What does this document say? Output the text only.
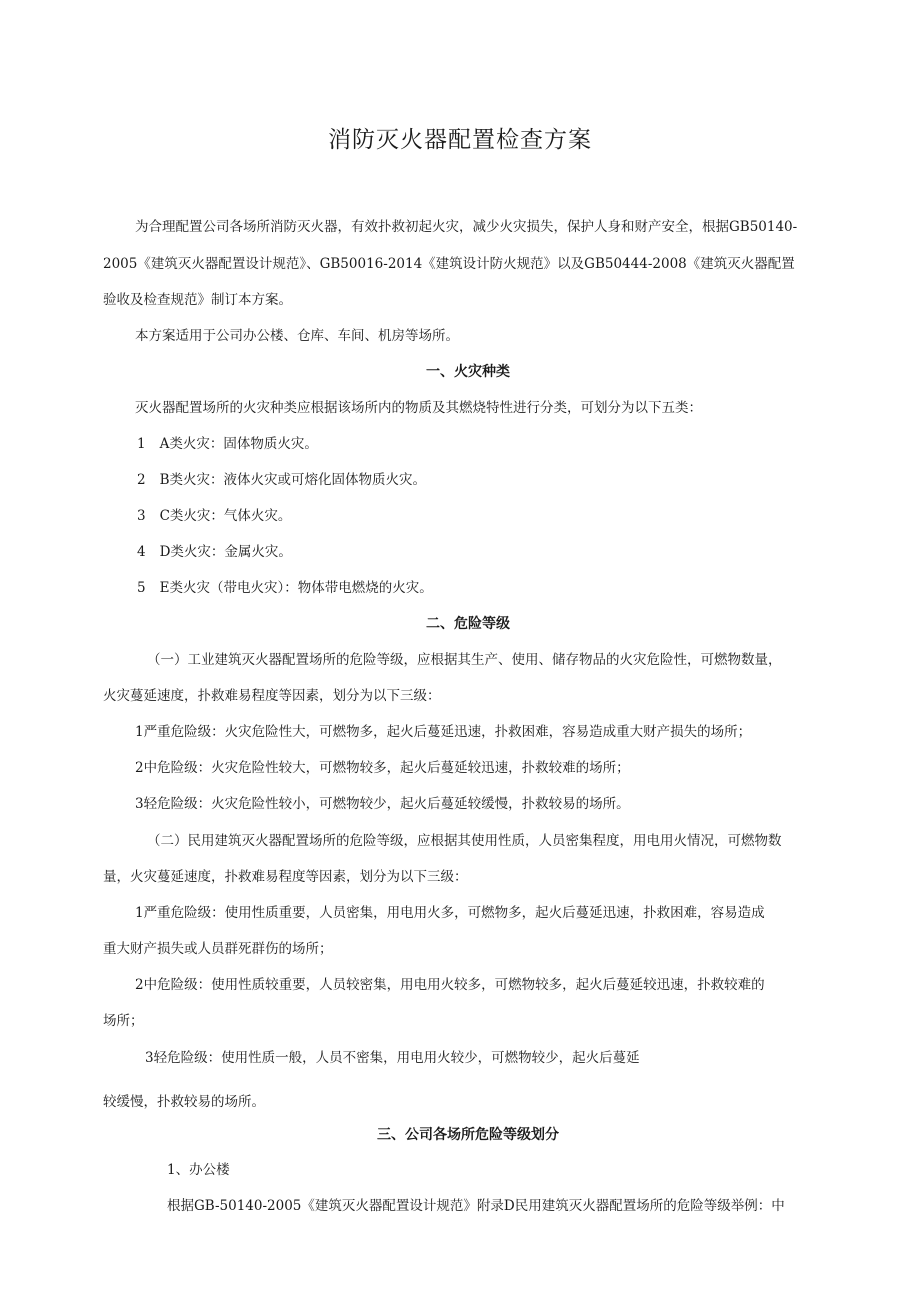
消防灭火器配置检查方案
为合理配置公司各场所消防灭火器，有效扑救初起火灾，减少火灾损失，保护人身和财产安全，根据GB50140-
2005《建筑灭火器配置设计规范》、GB50016-2014《建筑设计防火规范》以及GB50444-2008《建筑灭火器配置
验收及检查规范》制订本方案。
本方案适用于公司办公楼、仓库、车间、机房等场所。
一、火灾种类
灭火器配置场所的火灾种类应根据该场所内的物质及其燃烧特性进行分类，可划分为以下五类：
1 A类火灾：固体物质火灾。
2 B类火灾：液体火灾或可熔化固体物质火灾。
3 C类火灾：气体火灾。
4 D类火灾：金属火灾。
5 E类火灾（带电火灾）：物体带电燃烧的火灾。
二、危险等级
（一）工业建筑灭火器配置场所的危险等级，应根据其生产、使用、储存物品的火灾危险性，可燃物数量，
火灾蔓延速度，扑救难易程度等因素，划分为以下三级：
1严重危险级：火灾危险性大，可燃物多，起火后蔓延迅速，扑救困难，容易造成重大财产损失的场所；
2中危险级：火灾危险性较大，可燃物较多，起火后蔓延较迅速，扑救较难的场所；
3轻危险级：火灾危险性较小，可燃物较少，起火后蔓延较缓慢，扑救较易的场所。
（二）民用建筑灭火器配置场所的危险等级，应根据其使用性质，人员密集程度，用电用火情况，可燃物数
量，火灾蔓延速度，扑救难易程度等因素，划分为以下三级：
1严重危险级：使用性质重要，人员密集，用电用火多，可燃物多，起火后蔓延迅速，扑救困难，容易造成
重大财产损失或人员群死群伤的场所；
2中危险级：使用性质较重要，人员较密集，用电用火较多，可燃物较多，起火后蔓延较迅速，扑救较难的
场所；
3轻危险级：使用性质一般，人员不密集，用电用火较少，可燃物较少，起火后蔓延
较缓慢，扑救较易的场所。
三、公司各场所危险等级划分
1、办公楼
根据GB-50140-2005《建筑灭火器配置设计规范》附录D民用建筑灭火器配置场所的危险等级举例：中
